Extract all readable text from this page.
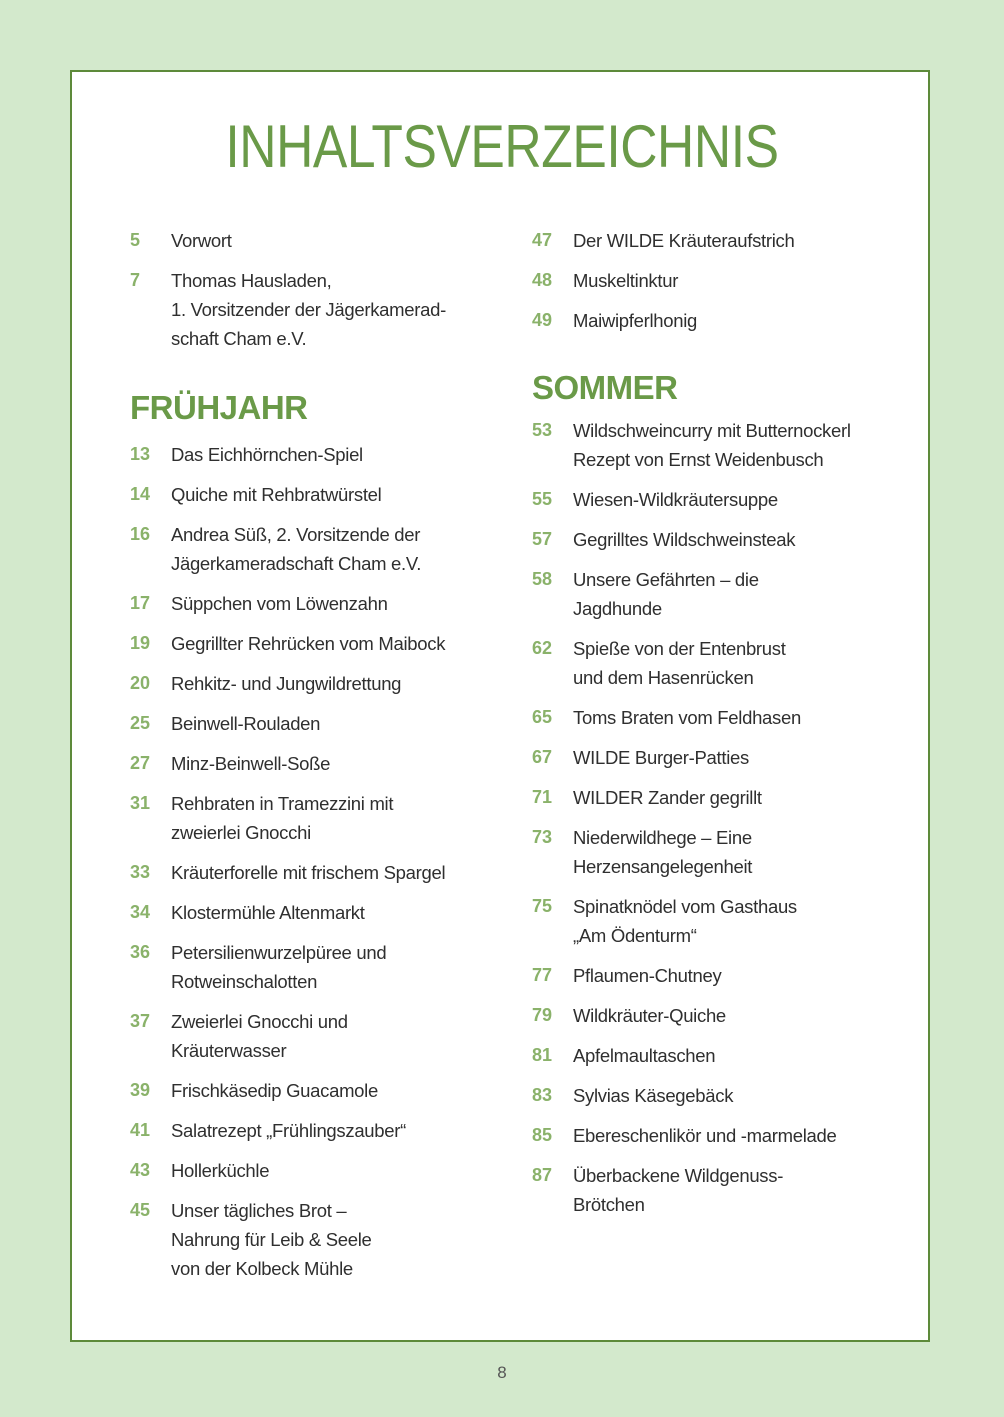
INHALTSVERZEICHNIS
5	Vorwort
7	Thomas Hausladen,
1. Vorsitzender der Jägerkamerad-
schaft Cham e.V.
FRÜHJAHR
13	Das Eichhörnchen-Spiel
14	Quiche mit Rehbratwürstel
16	Andrea Süß, 2. Vorsitzende der
Jägerkameradschaft Cham e.V.
17	Süppchen vom Löwenzahn
19	Gegrillter Rehrücken vom Maibock
20	Rehkitz- und Jungwildrettung
25	Beinwell-Rouladen
27	Minz-Beinwell-Soße
31	Rehbraten in Tramezzini mit
zweierlei Gnocchi
33	Kräuterforelle mit frischem Spargel
34	Klostermühle Altenmarkt
36	Petersilienwurzelpüree und
Rotweinschalotten
37	Zweierlei Gnocchi und
Kräuterwasser
39	Frischkäsedip Guacamole
41	Salatrezept „Frühlingszauber“
43	Hollerküchle
45	Unser tägliches Brot –
Nahrung für Leib & Seele
von der Kolbeck Mühle
47	Der WILDE Kräuteraufstrich
48	Muskeltinktur
49	Maiwipferlhonig
SOMMER
53	Wildschweincurry mit Butternockerl
Rezept von Ernst Weidenbusch
55	Wiesen-Wildkräutersuppe
57	Gegrilltes Wildschweinsteak
58	Unsere Gefährten – die
Jagdhunde
62	Spieße von der Entenbrust
und dem Hasenrücken
65	Toms Braten vom Feldhasen
67	WILDE Burger-Patties
71	WILDER Zander gegrillt
73	Niederwildhege – Eine
Herzensangelegenheit
75	Spinatknödel vom Gasthaus
„Am Ödenturm“
77	Pflaumen-Chutney
79	Wildkräuter-Quiche
81	Apfelmaultaschen
83	Sylvias Käsegebäck
85	Ebereschenlikör und -marmelade
87	Überbackene Wildgenuss-
Brötchen
8
